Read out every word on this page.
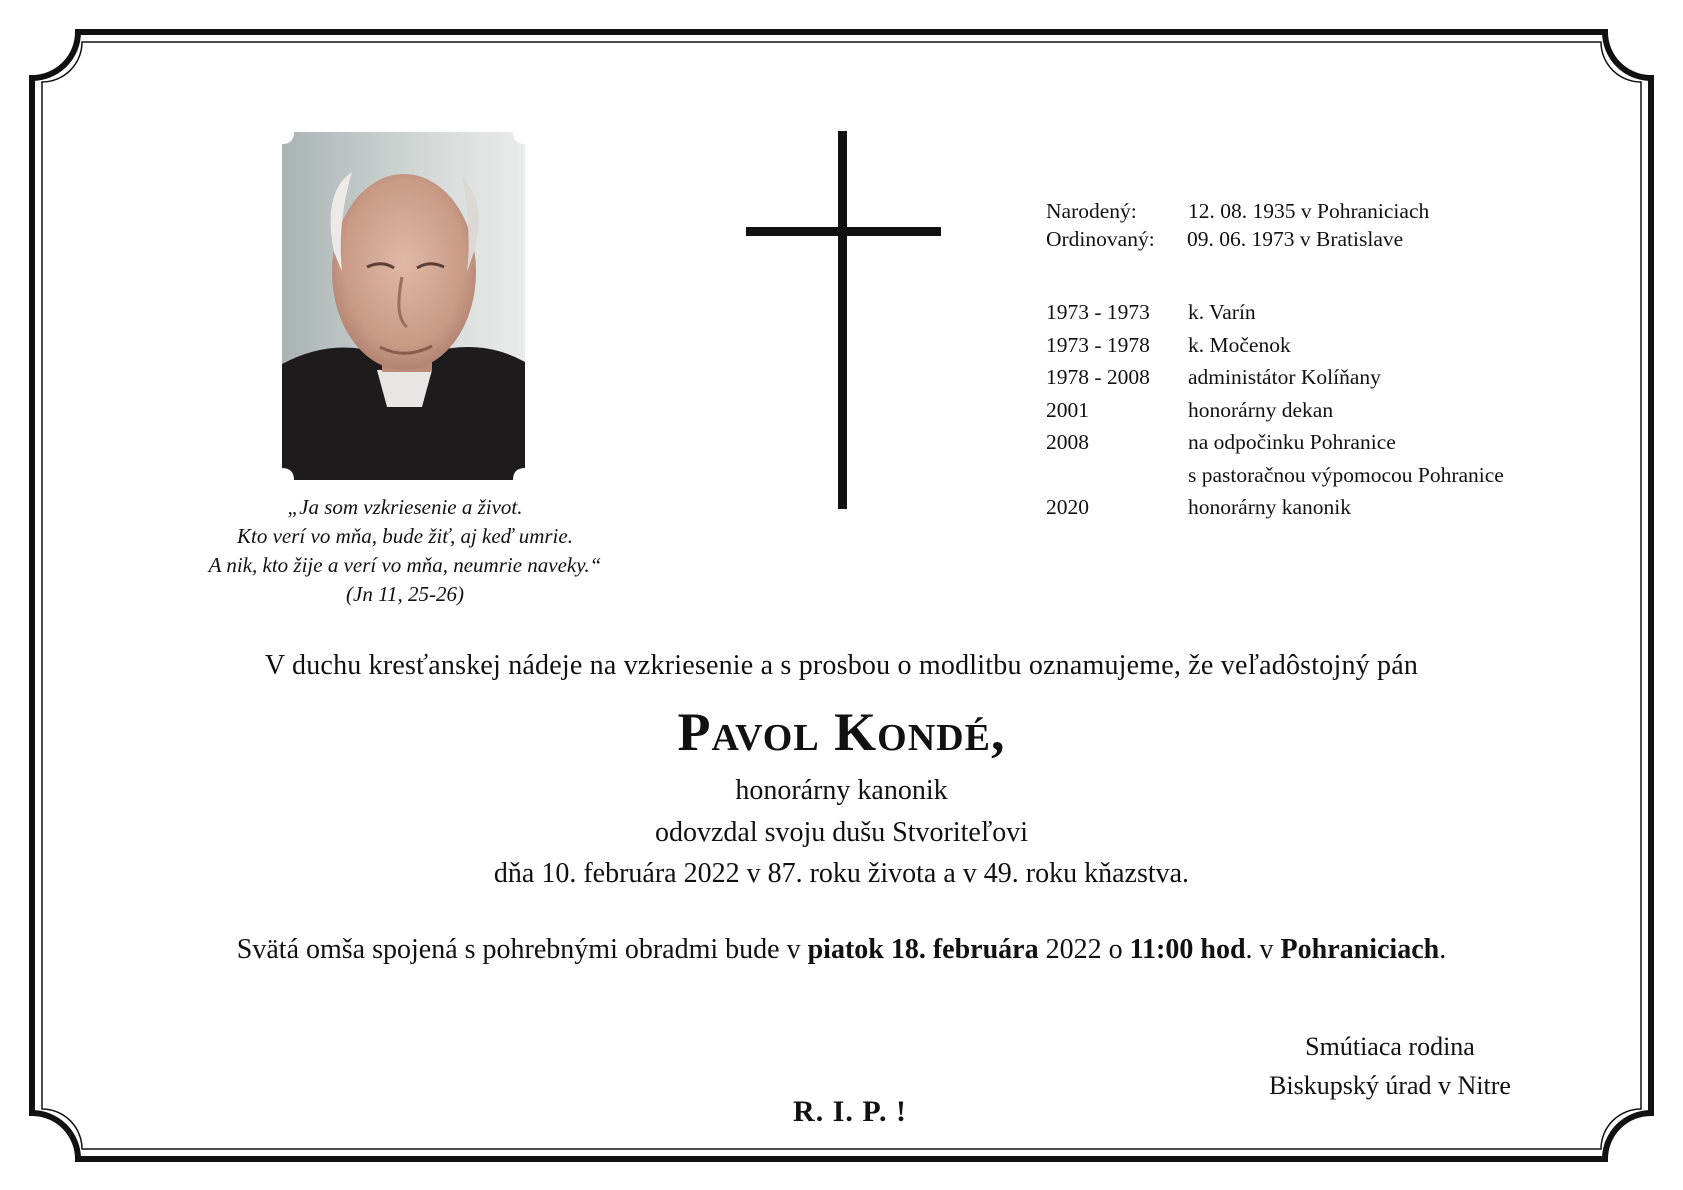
„Ja som vzkriesenie a život.
Kto verí vo mňa, bude žiť, aj keď umrie.
A nik, kto žije a verí vo mňa, neumrie naveky.“
(Jn 11, 25-26)
Narodený: 12. 08. 1935 v Pohraniciach
Ordinovaný: 09. 06. 1973 v Bratislave
1973 - 1973 k. Varín
1973 - 1978 k. Močenok
1978 - 2008 administátor Kolíňany
2001	honorárny dekan
2008	na odpočinku Pohranice
s pastoračnou výpomocou Pohranice
2020	honorárny kanonik
V duchu kresťanskej nádeje na vzkriesenie a s prosbou o modlitbu oznamujeme, že veľadôstojný pán
Pavol Kondé,
honorárny kanonik
odovzdal svoju dušu Stvoriteľovi
dňa 10. februára 2022 v 87. roku života a v 49. roku kňazstva.
Svätá omša spojená s pohrebnými obradmi bude v piatok 18. februára 2022 o 11:00 hod. v Pohraniciach.
Smútiaca rodina
Biskupský úrad v Nitre
R. I. P. !
